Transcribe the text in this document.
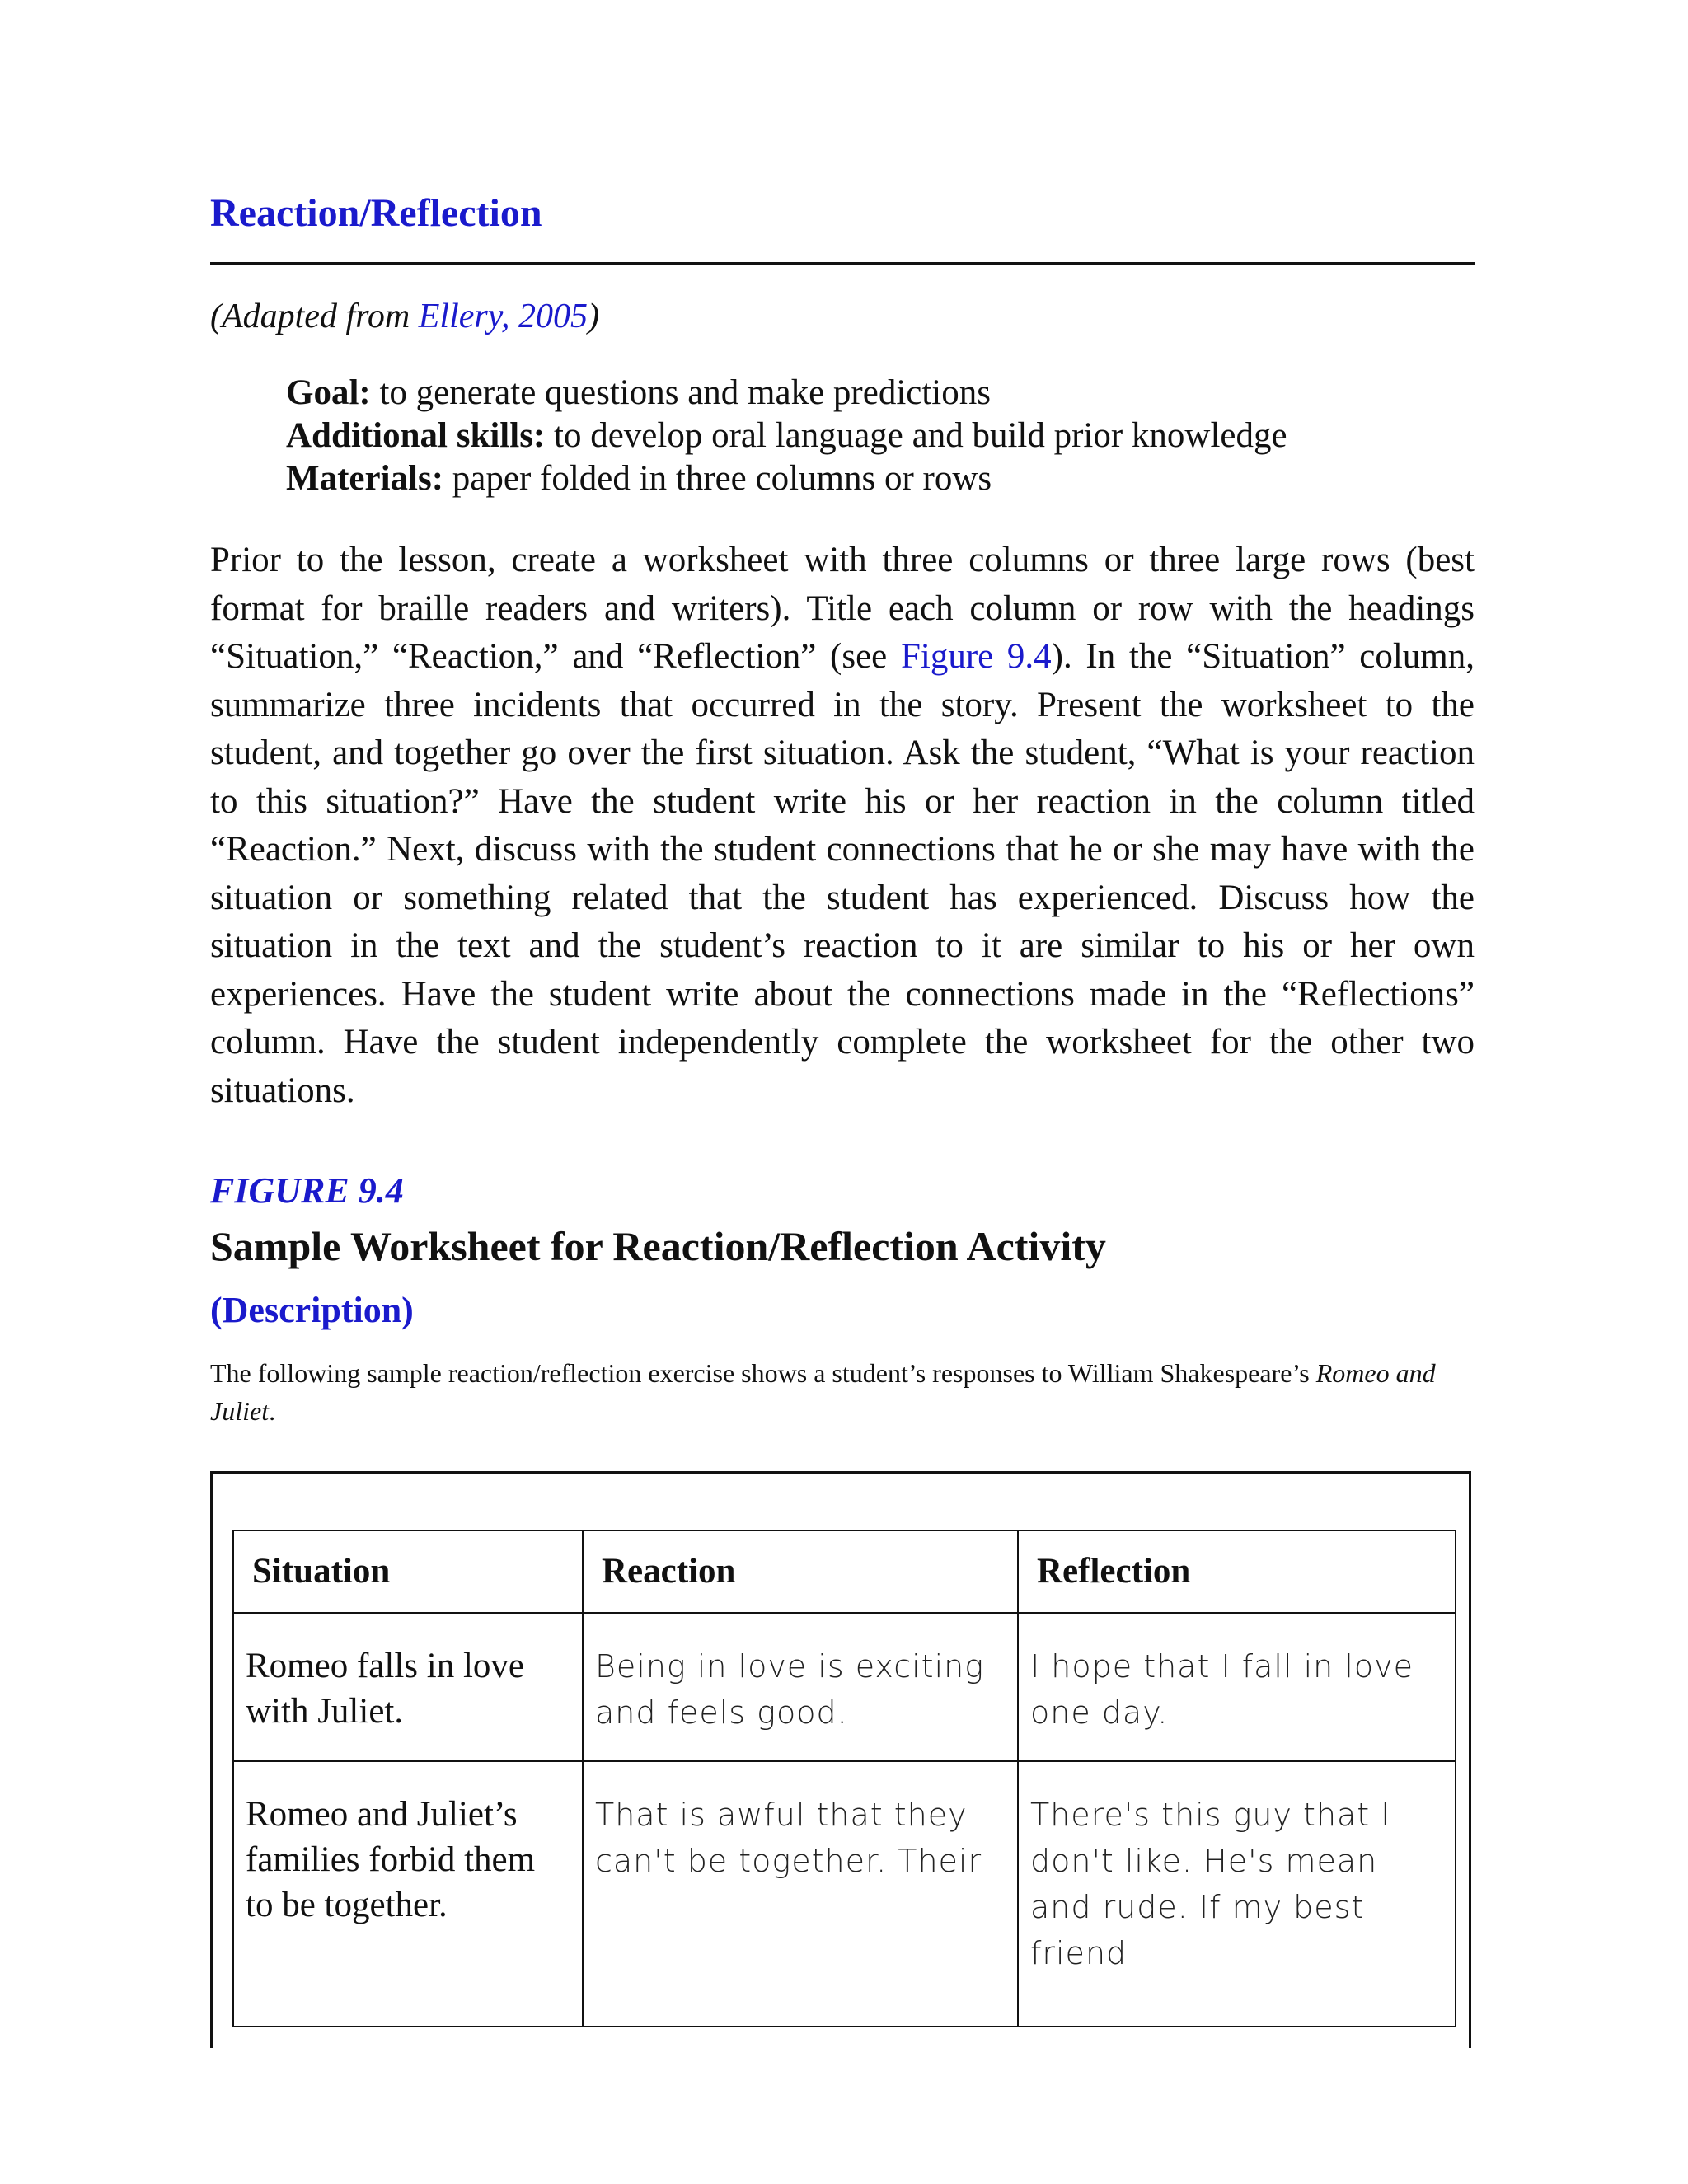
Reaction/Reflection

(Adapted from Ellery, 2005)

Goal: to generate questions and make predictions
Additional skills: to develop oral language and build prior knowledge
Materials: paper folded in three columns or rows

Prior to the lesson, create a worksheet with three columns or three large rows (best format for braille readers and writers). Title each column or row with the headings “Situation,” “Reaction,” and “Reflection” (see Figure 9.4). In the “Situation” column, summarize three incidents that occurred in the story. Present the worksheet to the student, and together go over the first situation. Ask the student, “What is your reaction to this situation?” Have the student write his or her reaction in the column titled “Reaction.” Next, discuss with the student connections that he or she may have with the situation or something related that the student has experienced. Discuss how the situation in the text and the student’s reaction to it are similar to his or her own experiences. Have the student write about the connections made in the “Reflections” column. Have the student independently complete the worksheet for the other two situations.

FIGURE 9.4

Sample Worksheet for Reaction/Reflection Activity

(Description)

The following sample reaction/reflection exercise shows a student’s responses to William Shakespeare’s Romeo and Juliet.

Situation	Reaction	Reflection
Romeo falls in love with Juliet.	Being in love is exciting and feels good.	I hope that I fall in love one day.
Romeo and Juliet’s families forbid them to be together.	That is awful that they can't be together. Their	There's this guy that I don't like. He's mean and rude. If my best friend
